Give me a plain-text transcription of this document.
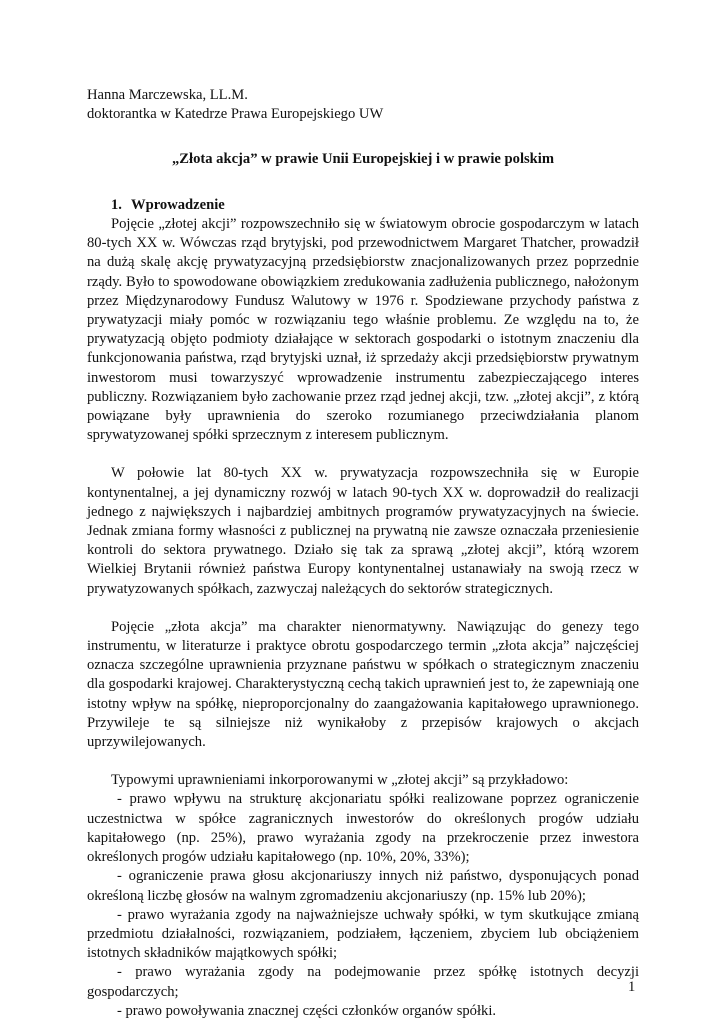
Hanna Marczewska, LL.M.
doktorantka w Katedrze Prawa Europejskiego UW
„Złota akcja” w prawie Unii Europejskiej i w prawie polskim
1. Wprowadzenie

Pojęcie „złotej akcji” rozpowszechniło się w światowym obrocie gospodarczym w latach 80-tych XX w. Wówczas rząd brytyjski, pod przewodnictwem Margaret Thatcher, prowadził na dużą skalę akcję prywatyzacyjną przedsiębiorstw znacjonalizowanych przez poprzednie rządy. Było to spowodowane obowiązkiem zredukowania zadłużenia publicznego, nałożonym przez Międzynarodowy Fundusz Walutowy w 1976 r. Spodziewane przychody państwa z prywatyzacji miały pomóc w rozwiązaniu tego właśnie problemu. Ze względu na to, że prywatyzacją objęto podmioty działające w sektorach gospodarki o istotnym znaczeniu dla funkcjonowania państwa, rząd brytyjski uznał, iż sprzedaży akcji przedsiębiorstw prywatnym inwestorom musi towarzyszyć wprowadzenie instrumentu zabezpieczającego interes publiczny. Rozwiązaniem było zachowanie przez rząd jednej akcji, tzw. „złotej akcji”, z którą powiązane były uprawnienia do szeroko rozumianego przeciwdziałania planom sprywatyzowanej spółki sprzecznym z interesem publicznym.

W połowie lat 80-tych XX w. prywatyzacja rozpowszechniła się w Europie kontynentalnej, a jej dynamiczny rozwój w latach 90-tych XX w. doprowadził do realizacji jednego z największych i najbardziej ambitnych programów prywatyzacyjnych na świecie. Jednak zmiana formy własności z publicznej na prywatną nie zawsze oznaczała przeniesienie kontroli do sektora prywatnego. Działo się tak za sprawą „złotej akcji”, którą wzorem Wielkiej Brytanii również państwa Europy kontynentalnej ustanawiały na swoją rzecz w prywatyzowanych spółkach, zazwyczaj należących do sektorów strategicznych.

Pojęcie „złota akcja” ma charakter nienormatywny. Nawiązując do genezy tego instrumentu, w literaturze i praktyce obrotu gospodarczego termin „złota akcja” najczęściej oznacza szczególne uprawnienia przyznane państwu w spółkach o strategicznym znaczeniu dla gospodarki krajowej. Charakterystyczną cechą takich uprawnień jest to, że zapewniają one istotny wpływ na spółkę, nieproporcjonalny do zaangażowania kapitałowego uprawnionego. Przywileje te są silniejsze niż wynikałoby z przepisów krajowych o akcjach uprzywilejowanych.

Typowymi uprawnieniami inkorporowanymi w „złotej akcji” są przykładowo:

- prawo wpływu na strukturę akcjonariatu spółki realizowane poprzez ograniczenie uczestnictwa w spółce zagranicznych inwestorów do określonych progów udziału kapitałowego (np. 25%), prawo wyrażania zgody na przekroczenie przez inwestora określonych progów udziału kapitałowego (np. 10%, 20%, 33%);
- ograniczenie prawa głosu akcjonariuszy innych niż państwo, dysponujących ponad określoną liczbę głosów na walnym zgromadzeniu akcjonariuszy (np. 15% lub 20%);
- prawo wyrażania zgody na najważniejsze uchwały spółki, w tym skutkujące zmianą przedmiotu działalności, rozwiązaniem, podziałem, łączeniem, zbyciem lub obciążeniem istotnych składników majątkowych spółki;
- prawo wyrażania zgody na podejmowanie przez spółkę istotnych decyzji gospodarczych;
- prawo powoływania znacznej części członków organów spółki.
1
